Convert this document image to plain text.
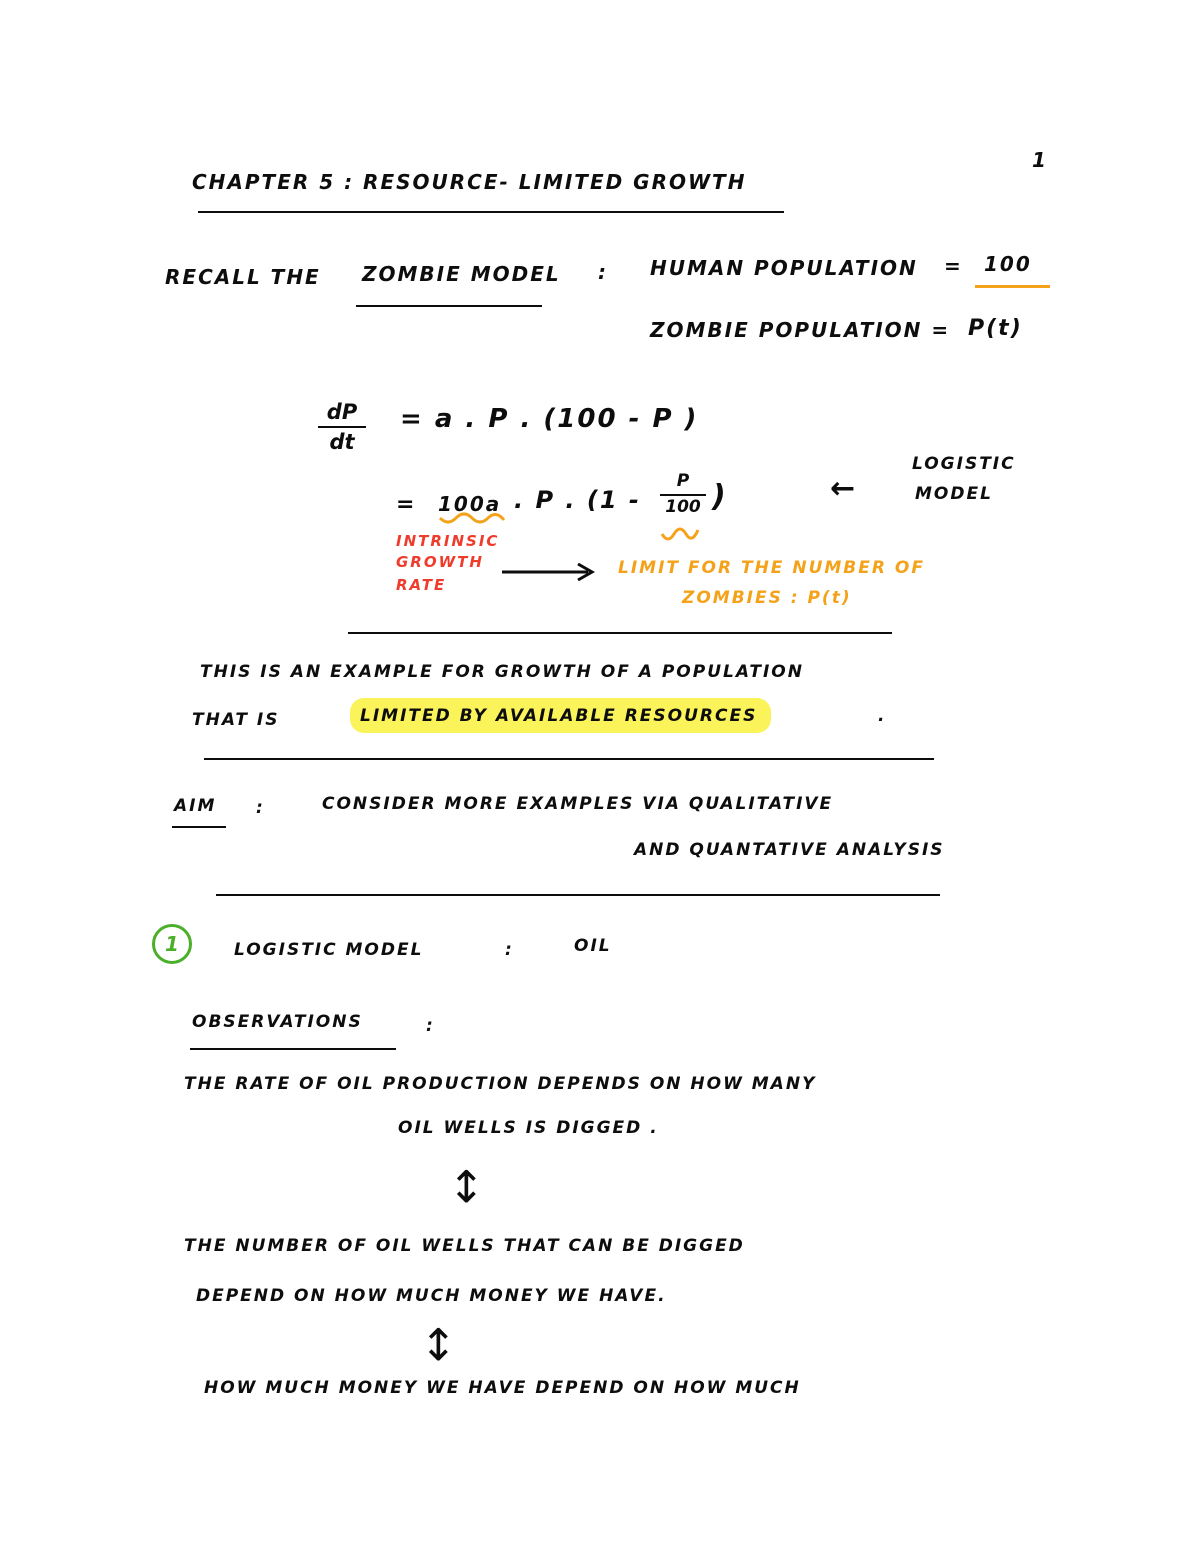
1
CHAPTER 5 : RESOURCE- LIMITED GROWTH
RECALL THE ZOMBIE MODEL : HUMAN POPULATION = 100
ZOMBIE POPULATION = P(t)
dP
dt
= a . P . (100 - P )
= 100a . P . (1 -
P
100 )	←
LOGISTIC
MODEL
INTRINSIC
GROWTH
RATE
LIMIT FOR THE NUMBER OF
ZOMBIES : P(t)
THIS IS AN EXAMPLE FOR GROWTH OF A POPULATION
THAT IS	LIMITED BY AVAILABLE RESOURCES	.
AIM :	CONSIDER MORE EXAMPLES VIA QUALITATIVE
AND QUANTATIVE ANALYSIS
1	LOGISTIC MODEL	:	OIL
OBSERVATIONS	:
THE RATE OF OIL PRODUCTION DEPENDS ON HOW MANY
OIL WELLS IS DIGGED .
↕
THE NUMBER OF OIL WELLS THAT CAN BE DIGGED
DEPEND ON HOW MUCH MONEY WE HAVE.
↕
HOW MUCH MONEY WE HAVE DEPEND ON HOW MUCH
